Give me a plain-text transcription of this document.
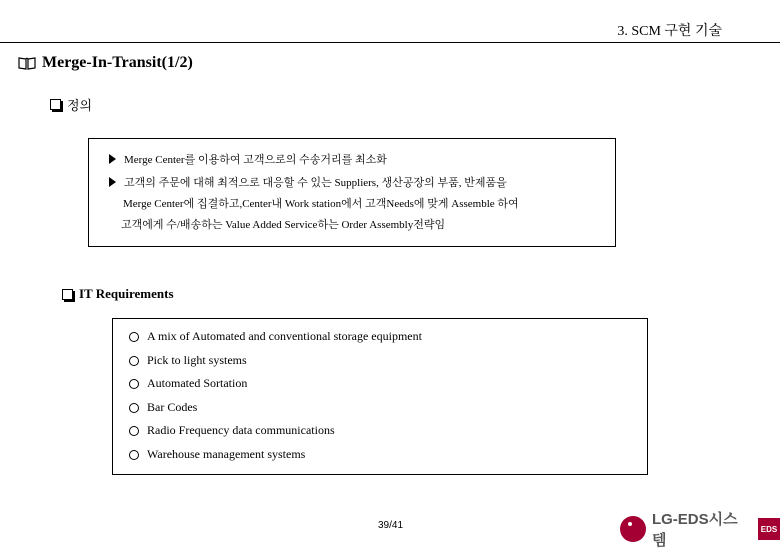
3. SCM 구현 기술
Merge-In-Transit(1/2)
정의
Merge Center를 이용하여 고객으로의 수송거리를 최소화
고객의 주문에 대해 최적으로 대응할 수 있는 Suppliers, 생산공장의 부품, 반제품을
Merge Center에 집결하고,Center내 Work station에서 고객Needs에 맞게 Assemble 하여
고객에게 수/배송하는 Value Added Service하는 Order Assembly전략임
IT Requirements
A mix of Automated and conventional storage equipment
Pick to light systems
Automated Sortation
Bar Codes
Radio Frequency data communications
Warehouse management systems
39/41	LG-EDS시스템
EDS
